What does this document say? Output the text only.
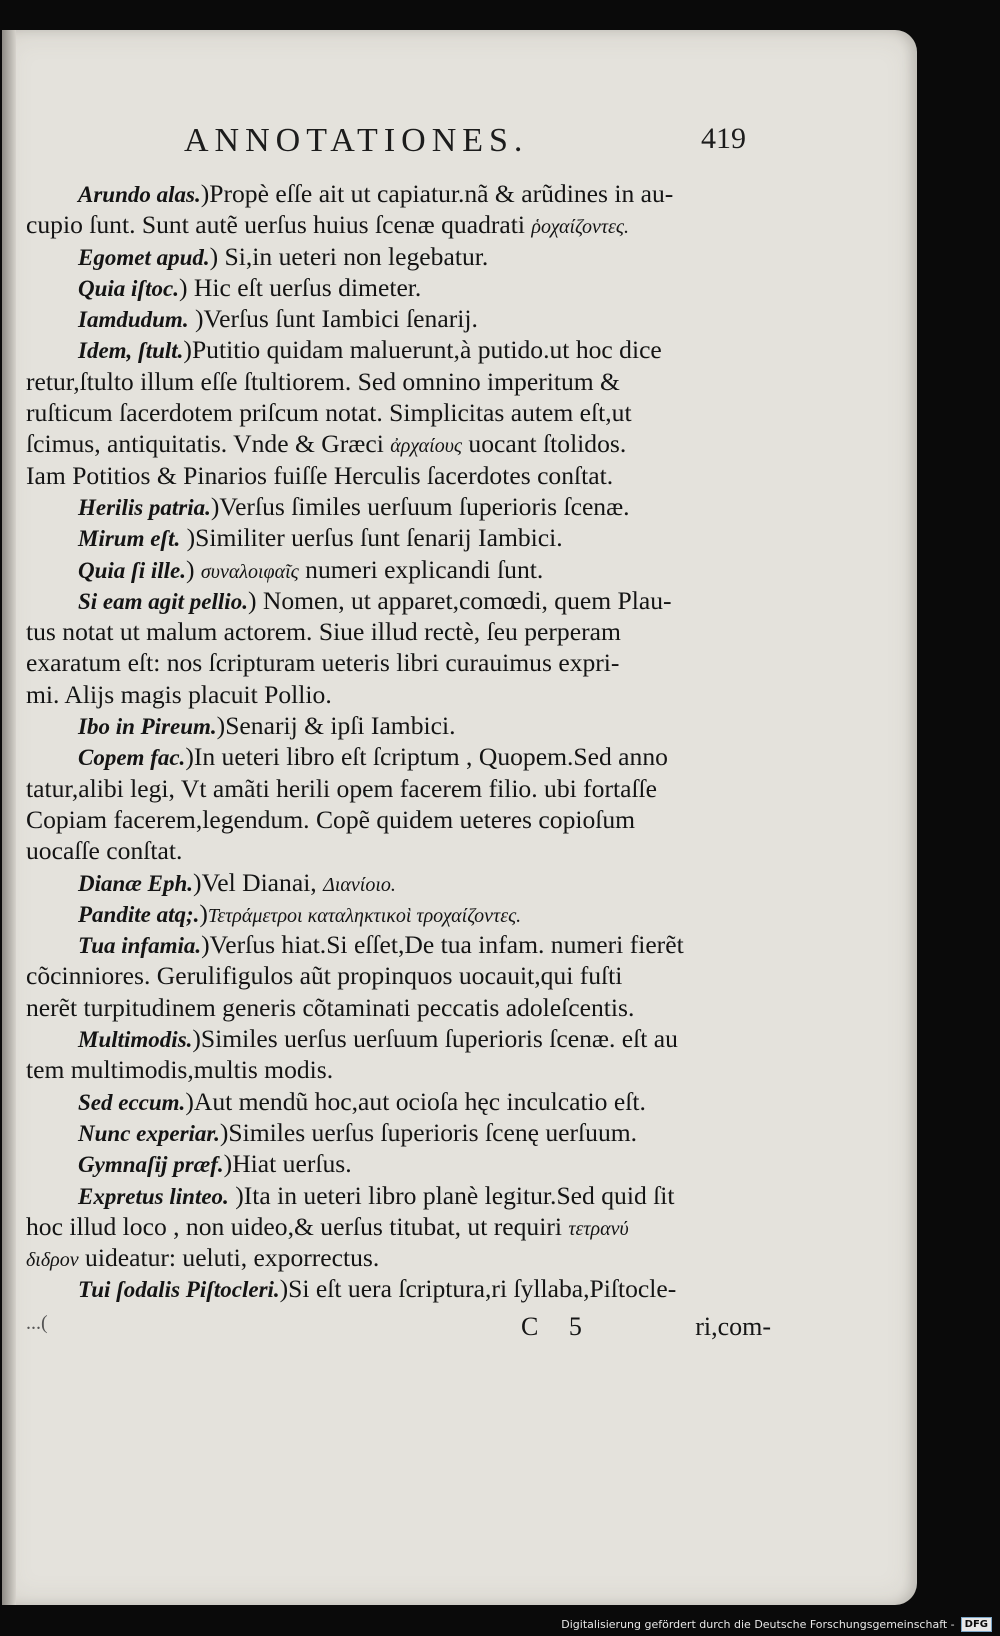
ANNOTATIONES.	419
Arundo alas.)Propè eſſe ait ut capiatur.nã & arũdines in au-
cupio ſunt. Sunt autẽ uerſus huius ſcenæ quadrati ῥοχαίζοντες.
Egomet apud.) Si,in ueteri non legebatur.
Quia iſtoc.) Hic eſt uerſus dimeter.
Iamdudum. )Verſus ſunt Iambici ſenarij.
Idem, ſtult.)Putitio quidam maluerunt,à putido.ut hoc dice
retur,ſtulto illum eſſe ſtultiorem. Sed omnino imperitum &
ruſticum ſacerdotem priſcum notat. Simplicitas autem eſt,ut
ſcimus, antiquitatis. Vnde & Græci ἀρχαίους uocant ſtolidos.
Iam Potitios & Pinarios fuiſſe Herculis ſacerdotes conſtat.
Herilis patria.)Verſus ſimiles uerſuum ſuperioris ſcenæ.
Mirum eſt. )Similiter uerſus ſunt ſenarij Iambici.
Quia ſi ille.) συναλοιφαῖς numeri explicandi ſunt.
Si eam agit pellio.) Nomen, ut apparet,comœdi, quem Plau-
tus notat ut malum actorem. Siue illud rectè, ſeu perperam
exaratum eſt: nos ſcripturam ueteris libri curauimus expri-
mi. Alijs magis placuit Pollio.
Ibo in Pireum.)Senarij & ipſi Iambici.
Copem fac.)In ueteri libro eſt ſcriptum , Quopem.Sed anno
tatur,alibi legi, Vt amãti herili opem facerem filio. ubi fortaſſe
Copiam facerem,legendum. Copẽ quidem ueteres copioſum
uocaſſe conſtat.
Dianæ Eph.)Vel Dianai, Διανίοιο.
Pandite atq;.)Τετράμετροι καταληκτικοὶ τροχαίζοντες.
Tua infamia.)Verſus hiat.Si eſſet,De tua infam. numeri fierẽt
cõcinniores. Gerulifigulos aũt propinquos uocauit,qui fuſti
nerẽt turpitudinem generis cõtaminati peccatis adoleſcentis.
Multimodis.)Similes uerſus uerſuum ſuperioris ſcenæ. eſt au
tem multimodis,multis modis.
Sed eccum.)Aut mendũ hoc,aut ocioſa hęc inculcatio eſt.
Nunc experiar.)Similes uerſus ſuperioris ſcenę uerſuum.
Gymnaſij præf.)Hiat uerſus.
Expretus linteo. )Ita in ueteri libro planè legitur.Sed quid ſit
hoc illud loco , non uideo,& uerſus titubat, ut requiri τετρανύ
διδρον uideatur: ueluti, exporrectus.
Tui ſodalis Piſtocleri.)Si eſt uera ſcriptura,ri ſyllaba,Piſtocle-
...(	C 5	ri,com-
Digitalisierung gefördert durch die Deutsche Forschungsgemeinschaft -	DFG
